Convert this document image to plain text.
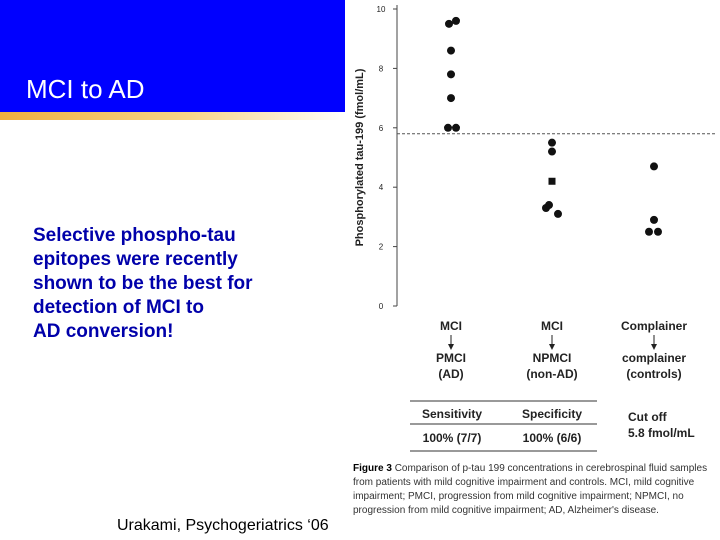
MCI to AD
Selective phospho-tau
epitopes were recently
shown to be the best for
detection of MCI to
AD conversion!
Phosphorylated tau-199 (fmol/mL)
0
2
4
6
8
10
MCI
PMCI
(AD)
MCI
NPMCI
(non-AD)
Complainer
complainer
(controls)
Sensitivity	Specificity
100% (7/7)	100% (6/6)
Cut off
5.8 fmol/mL
Figure 3 Comparison of p-tau 199 concentrations in cerebrospinal fluid samples from patients with mild cognitive impairment and controls. MCI, mild cognitive impairment; PMCI, progression from mild cognitive impairment; NPMCI, no progression from mild cognitive impairment; AD, Alzheimer's disease.
Urakami, Psychogeriatrics ‘06
